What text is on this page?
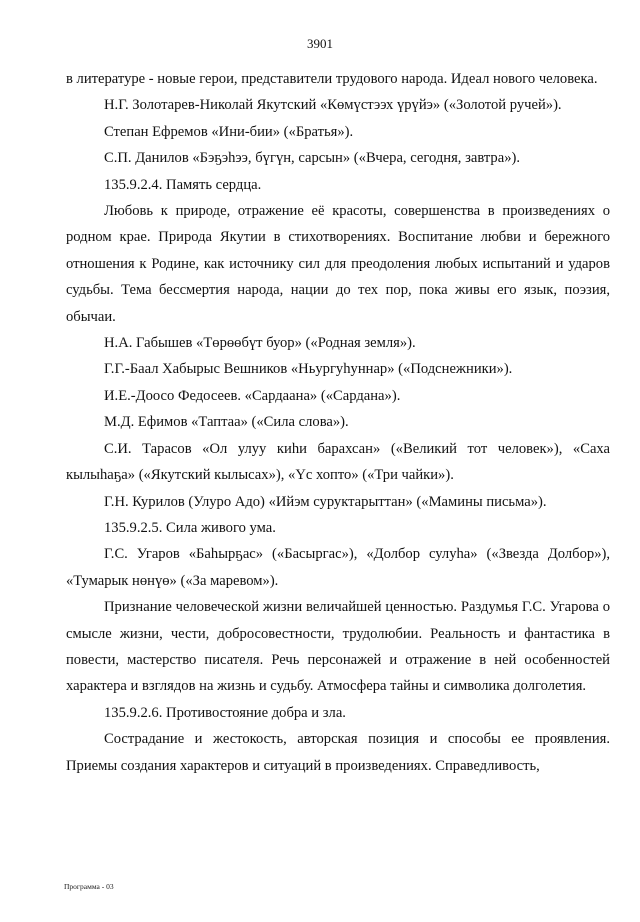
3901

в литературе - новые герои, представители трудового народа. Идеал нового человека.

Н.Г. Золотарев-Николай Якутский «Көмүстээх үрүйэ» («Золотой ручей»).

Степан Ефремов «Ини-бии» («Братья»).

С.П. Данилов «Бэҕэһээ, бүгүн, сарсын» («Вчера, сегодня, завтра»).

135.9.2.4. Память сердца.

Любовь к природе, отражение её красоты, совершенства в произведениях о родном крае. Природа Якутии в стихотворениях. Воспитание любви и бережного отношения к Родине, как источнику сил для преодоления любых испытаний и ударов судьбы. Тема бессмертия народа, нации до тех пор, пока живы его язык, поэзия, обычаи.

Н.А. Габышев «Төрөөбүт буор» («Родная земля»).

Г.Г.-Баал Хабырыс Вешников «Ньургуһуннар» («Подснежники»).

И.Е.-Доосо Федосеев. «Сардаана» («Сардана»).

М.Д. Ефимов «Таптаа» («Сила слова»).

С.И. Тарасов «Ол улуу киһи барахсан» («Великий тот человек»), «Саха кылыһаҕа» («Якутский кылысах»), «Үс хопто» («Три чайки»).

Г.Н. Курилов (Улуро Адо) «Ийэм суруктарыттан» («Мамины письма»).

135.9.2.5. Сила живого ума.

Г.С. Угаров «Баһырҕас» («Басыргас»), «Долбор сулуһа» («Звезда Долбор»), «Тумарык нөнүө» («За маревом»).

Признание человеческой жизни величайшей ценностью. Раздумья Г.С. Угарова о смысле жизни, чести, добросовестности, трудолюбии. Реальность и фантастика в повести, мастерство писателя. Речь персонажей и отражение в ней особенностей характера и взглядов на жизнь и судьбу. Атмосфера тайны и символика долголетия.

135.9.2.6. Противостояние добра и зла.

Сострадание и жестокость, авторская позиция и способы ее проявления. Приемы создания характеров и ситуаций в произведениях. Справедливость,

Программа - 03
